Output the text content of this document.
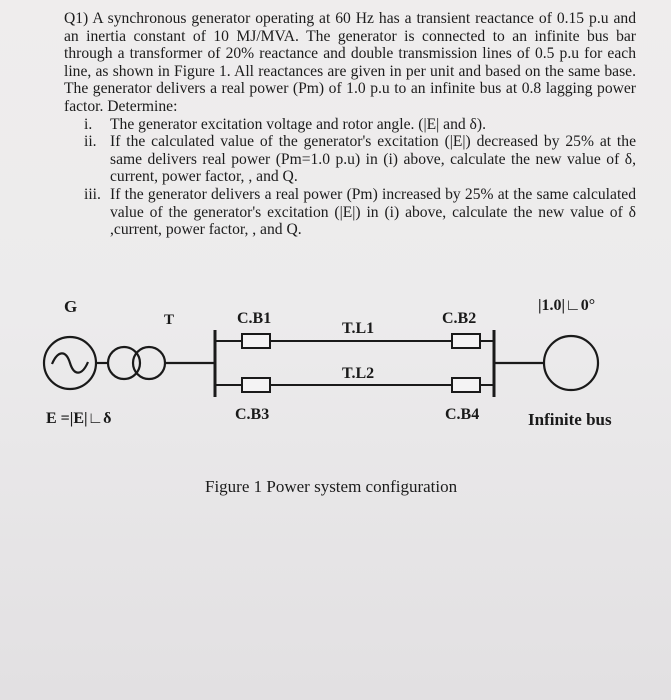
Q1) A synchronous generator operating at 60 Hz has a transient reactance of 0.15 p.u and an inertia constant of 10 MJ/MVA. The generator is connected to an infinite bus bar through a transformer of 20% reactance and double transmission lines of 0.5 p.u for each line, as shown in Figure 1. All reactances are given in per unit and based on the same base. The generator delivers a real power (Pm) of 1.0 p.u to an infinite bus at 0.8 lagging power factor. Determine:

i. The generator excitation voltage and rotor angle. (|E| and δ).
ii. If the calculated value of the generator's excitation (|E|) decreased by 25% at the same delivers real power (Pm=1.0 p.u) in (i) above, calculate the new value of δ, current, power factor, , and Q.
iii. If the generator delivers a real power (Pm) increased by 25% at the same calculated value of the generator's excitation (|E|) in (i) above, calculate the new value of δ ,current, power factor, , and Q.
G
T	C.B1	C.B2
T.L1
T.L2
C.B3	C.B4
E =|E|∟δ
|1.0|∟0°
Infinite bus
Figure 1 Power system configuration
